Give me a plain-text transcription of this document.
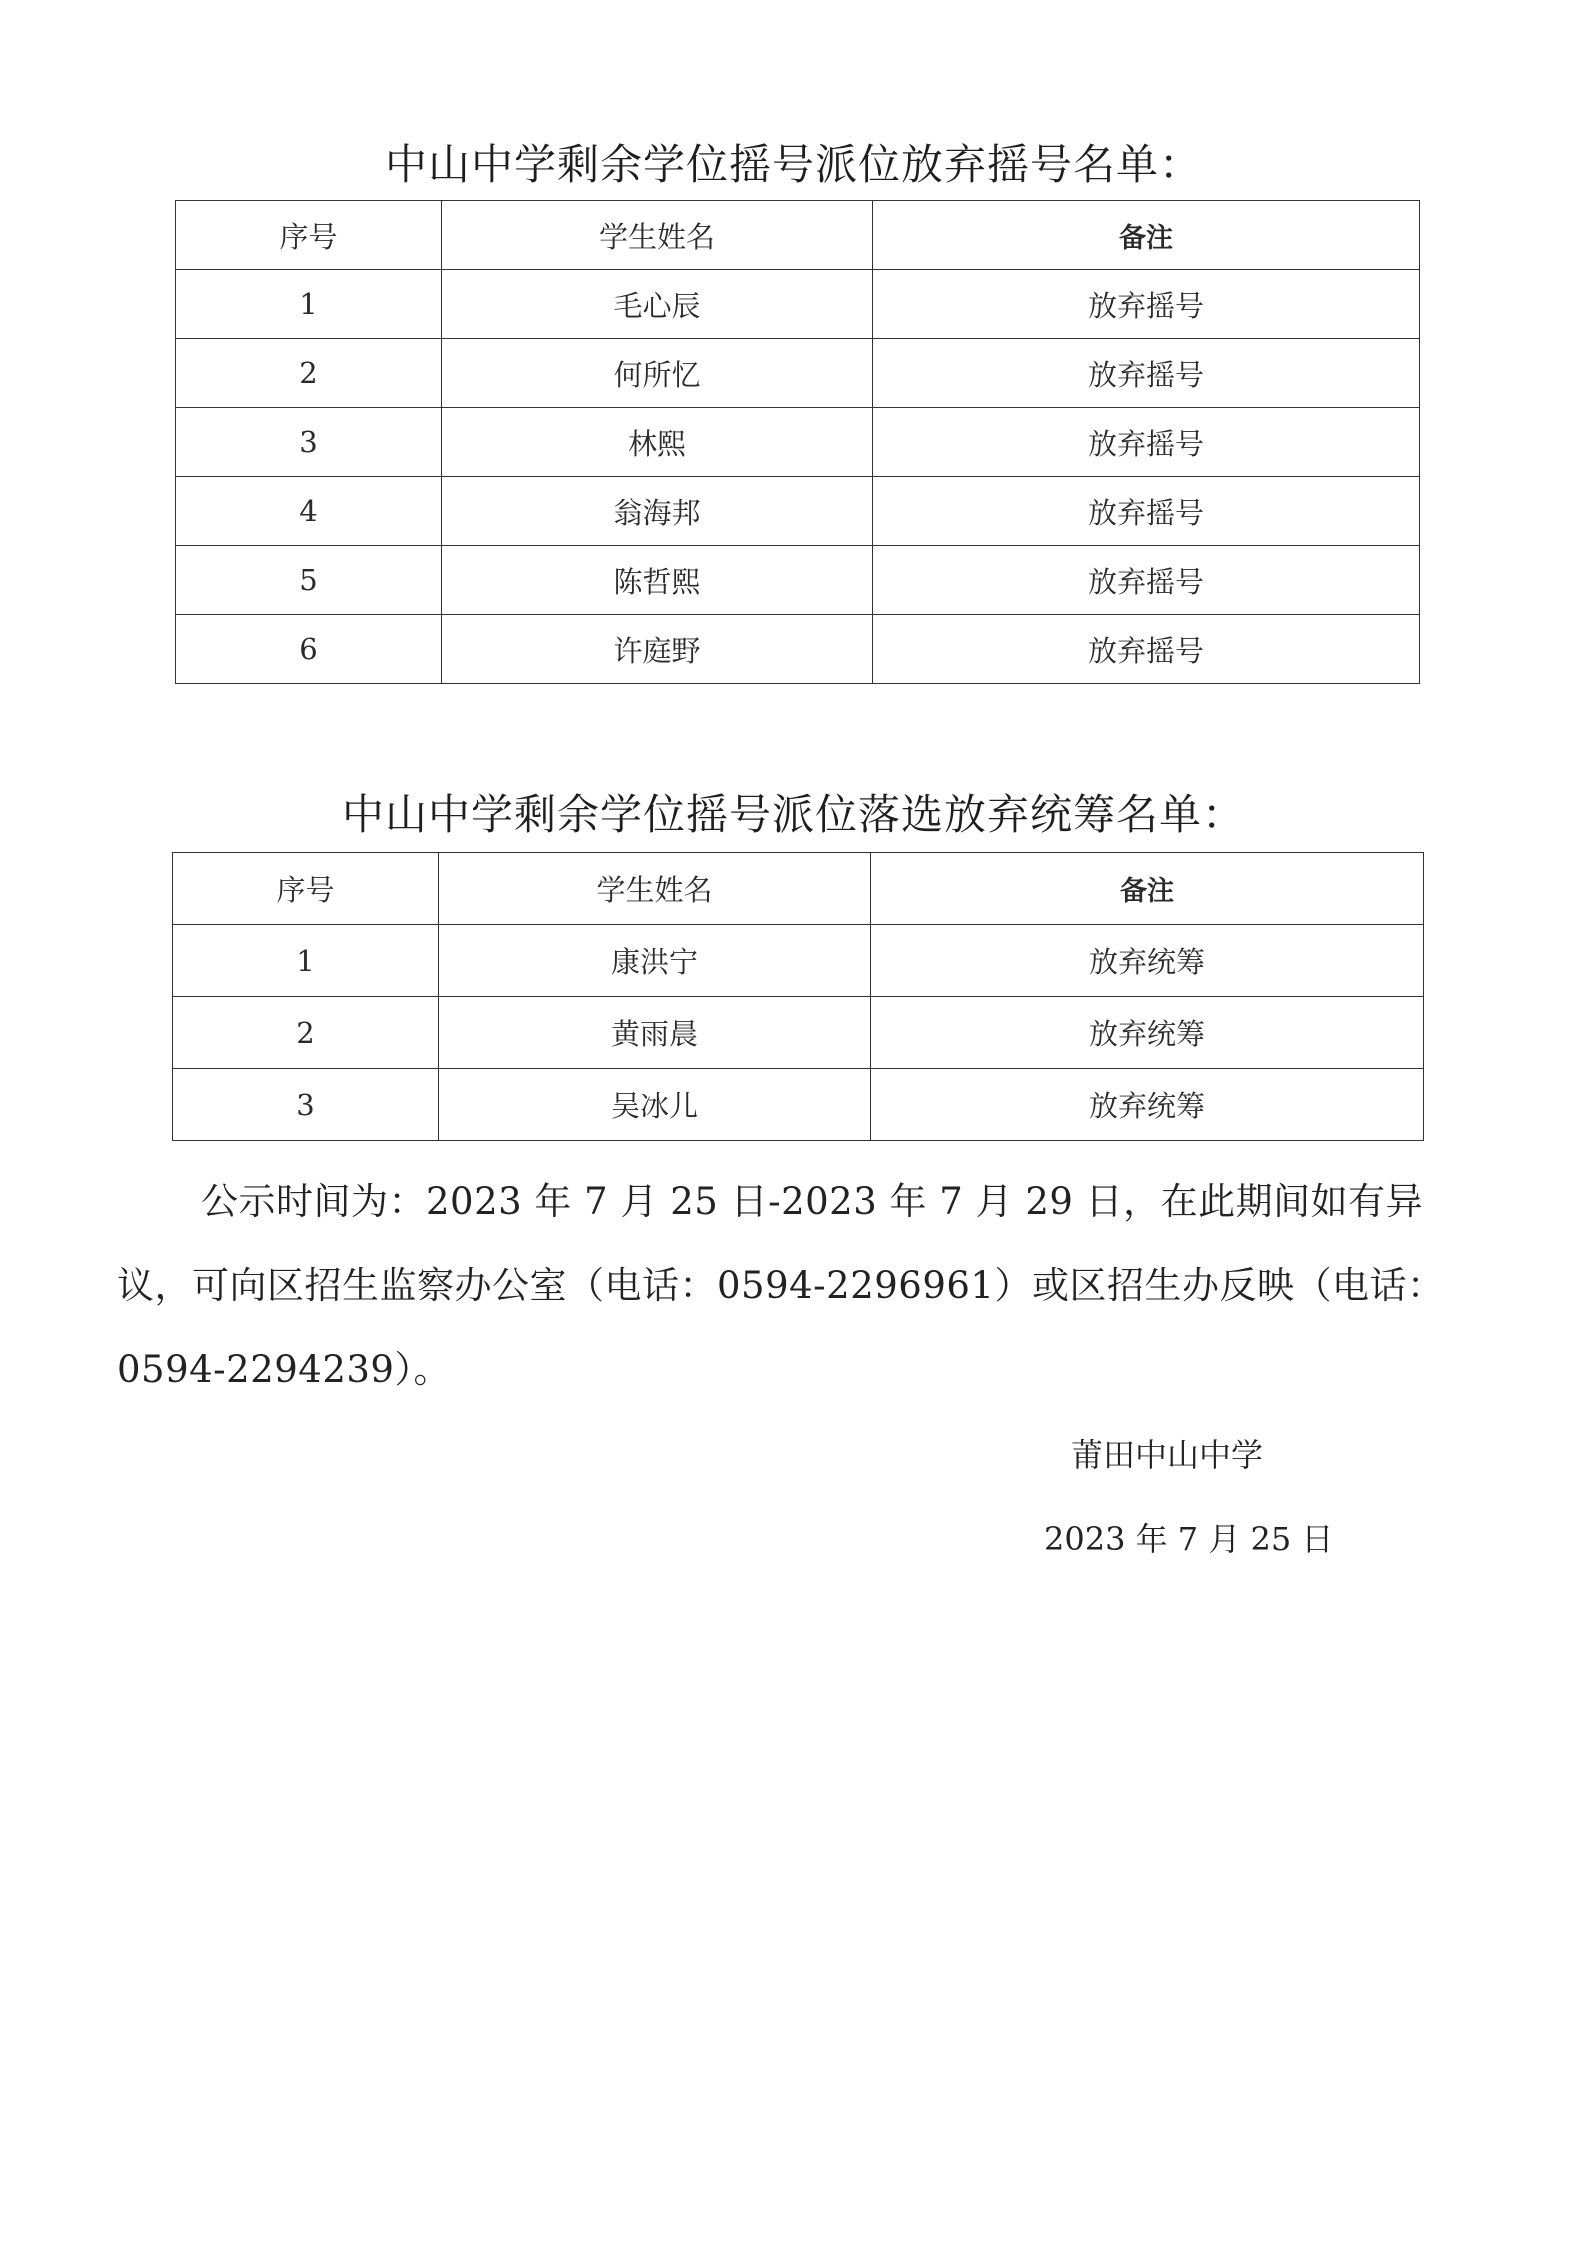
中山中学剩余学位摇号派位放弃摇号名单：
序号	学生姓名	备注
1	毛心辰	放弃摇号
2	何所忆	放弃摇号
3	林熙	放弃摇号
4	翁海邦	放弃摇号
5	陈哲熙	放弃摇号
6	许庭野	放弃摇号
中山中学剩余学位摇号派位落选放弃统筹名单：
序号	学生姓名	备注
1	康洪宁	放弃统筹
2	黄雨晨	放弃统筹
3	吴冰儿	放弃统筹
公示时间为：2023 年 7 月 25 日-2023 年 7 月 29 日，在此期间如有异议，可向区招生监察办公室（电话：0594-2296961）或区招生办反映（电话：0594-2294239）。
莆田中山中学
2023 年 7 月 25 日
